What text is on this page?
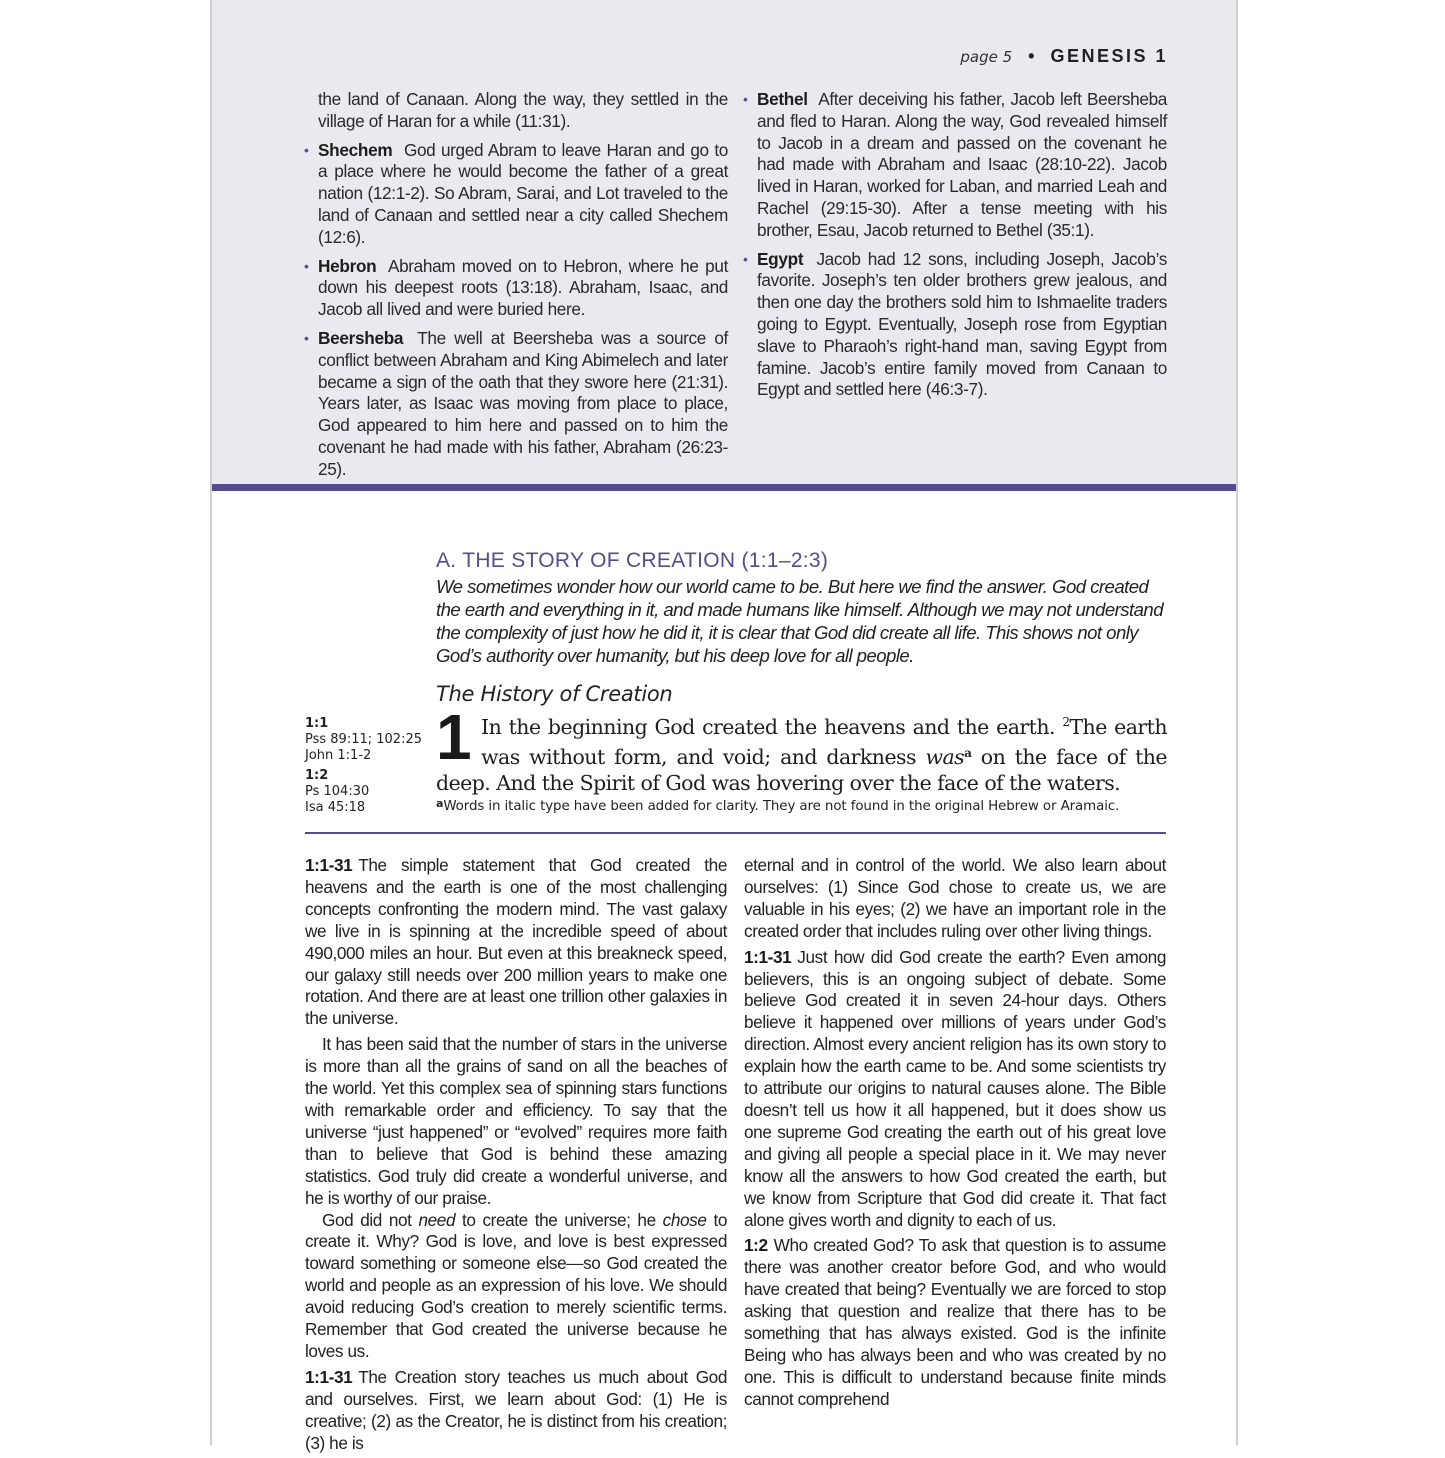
page 5 • GENESIS 1

the land of Canaan. Along the way, they settled in the village of Haran for a while (11:31).

• Shechem God urged Abram to leave Haran and go to a place where he would become the father of a great nation (12:1-2). So Abram, Sarai, and Lot traveled to the land of Canaan and settled near a city called Shechem (12:6).

• Hebron Abraham moved on to Hebron, where he put down his deepest roots (13:18). Abraham, Isaac, and Jacob all lived and were buried here.

• Beersheba The well at Beersheba was a source of conflict between Abraham and King Abimelech and later became a sign of the oath that they swore here (21:31). Years later, as Isaac was moving from place to place, God appeared to him here and passed on to him the covenant he had made with his father, Abraham (26:23-25).

• Bethel After deceiving his father, Jacob left Beersheba and fled to Haran. Along the way, God revealed himself to Jacob in a dream and passed on the covenant he had made with Abraham and Isaac (28:10-22). Jacob lived in Haran, worked for Laban, and married Leah and Rachel (29:15-30). After a tense meeting with his brother, Esau, Jacob returned to Bethel (35:1).

• Egypt Jacob had 12 sons, including Joseph, Jacob’s favorite. Joseph’s ten older brothers grew jealous, and then one day the brothers sold him to Ishmaelite traders going to Egypt. Eventually, Joseph rose from Egyptian slave to Pharaoh’s right-hand man, saving Egypt from famine. Jacob’s entire family moved from Canaan to Egypt and settled here (46:3-7).

A. THE STORY OF CREATION (1:1–2:3)
We sometimes wonder how our world came to be. But here we find the answer. God created the earth and everything in it, and made humans like himself. Although we may not understand the complexity of just how he did it, it is clear that God did create all life. This shows not only God’s authority over humanity, but his deep love for all people.
The History of Creation
1:1
Pss 89:11; 102:25
John 1:1-2
1:2
Ps 104:30
Isa 45:18
1 In the beginning God created the heavens and the earth. $^2$The earth was without form, and void; and darkness was$^a$ on the face of the deep. And the Spirit of God was hovering over the face of the waters.
$^a$Words in italic type have been added for clarity. They are not found in the original Hebrew or Aramaic.

1:1-31 The simple statement that God created the heavens and the earth is one of the most challenging concepts confronting the modern mind. The vast galaxy we live in is spinning at the incredible speed of about 490,000 miles an hour. But even at this breakneck speed, our galaxy still needs over 200 million years to make one rotation. And there are at least one trillion other galaxies in the universe.

It has been said that the number of stars in the universe is more than all the grains of sand on all the beaches of the world. Yet this complex sea of spinning stars functions with remarkable order and efficiency. To say that the universe “just happened” or “evolved” requires more faith than to believe that God is behind these amazing statistics. God truly did create a wonderful universe, and he is worthy of our praise.

God did not need to create the universe; he chose to create it. Why? God is love, and love is best expressed toward something or someone else—so God created the world and people as an expression of his love. We should avoid reducing God’s creation to merely scientific terms. Remember that God created the universe because he loves us.

1:1-31 The Creation story teaches us much about God and ourselves. First, we learn about God: (1) He is creative; (2) as the Creator, he is distinct from his creation; (3) he is

eternal and in control of the world. We also learn about ourselves: (1) Since God chose to create us, we are valuable in his eyes; (2) we have an important role in the created order that includes ruling over other living things.

1:1-31 Just how did God create the earth? Even among believers, this is an ongoing subject of debate. Some believe God created it in seven 24-hour days. Others believe it happened over millions of years under God’s direction. Almost every ancient religion has its own story to explain how the earth came to be. And some scientists try to attribute our origins to natural causes alone. The Bible doesn’t tell us how it all happened, but it does show us one supreme God creating the earth out of his great love and giving all people a special place in it. We may never know all the answers to how God created the earth, but we know from Scripture that God did create it. That fact alone gives worth and dignity to each of us.

1:2 Who created God? To ask that question is to assume there was another creator before God, and who would have created that being? Eventually we are forced to stop asking that question and realize that there has to be something that has always existed. God is the infinite Being who has always been and who was created by no one. This is difficult to understand because finite minds cannot comprehend
